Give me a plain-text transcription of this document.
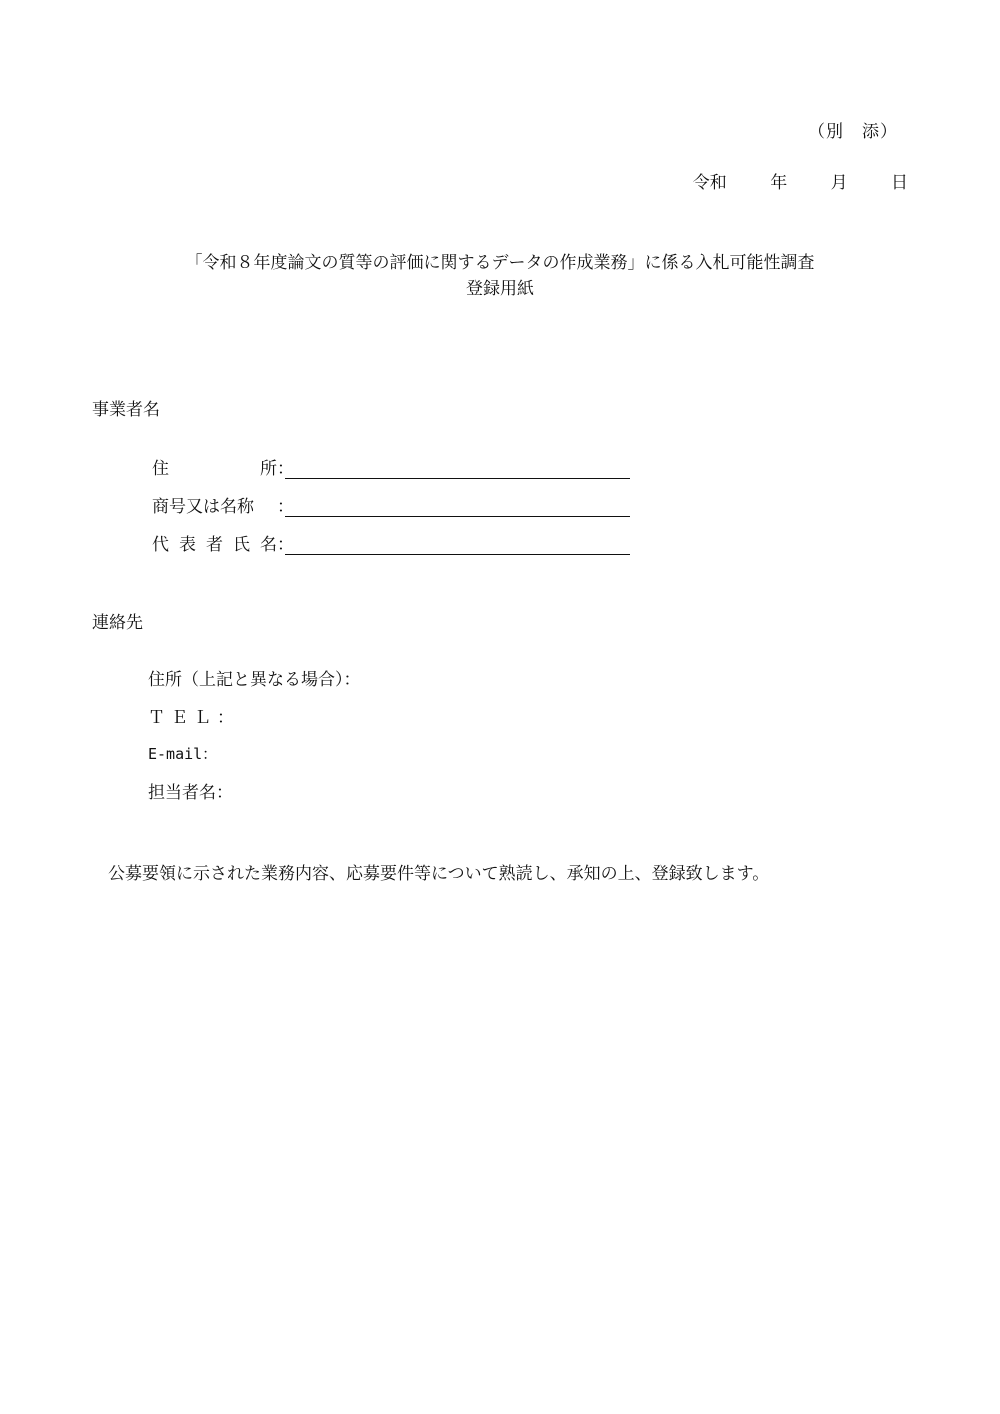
（別　添）
令和	年	月	日
「令和８年度論文の質等の評価に関するデータの作成業務」に係る入札可能性調査
登録用紙
事業者名
住	所 ：
商号又は名称	：
代 表 者 氏 名 ：
連絡先
住所（上記と異なる場合）：
ＴＥＬ：
E-mail：
担当者名：
公募要領に示された業務内容、応募要件等について熟読し、承知の上、登録致します。
